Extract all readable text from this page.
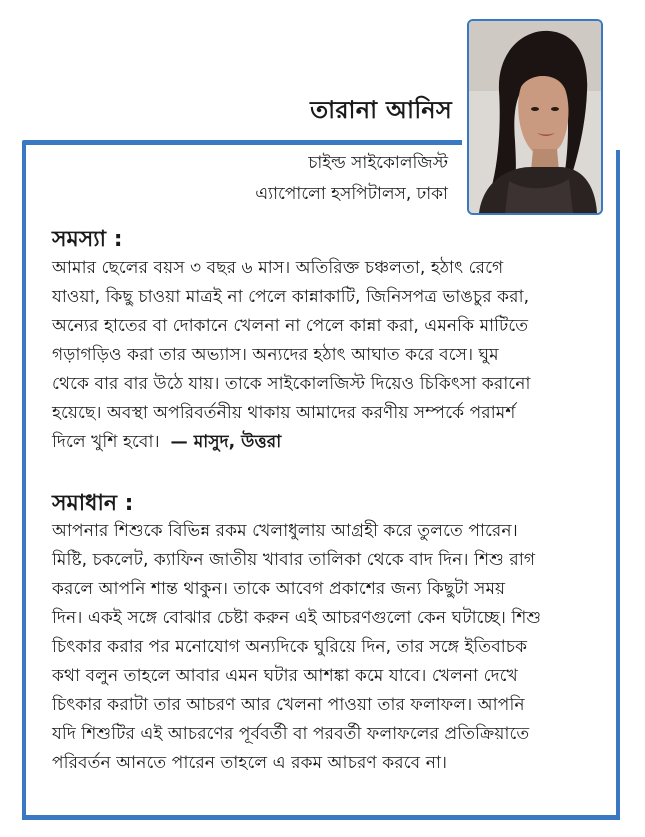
তারানা আনিস
চাইল্ড সাইকোলজিস্ট
এ্যাপোলো হসপিটালস, ঢাকা
সমস্যা :
আমার ছেলের বয়স ৩ বছর ৬ মাস। অতিরিক্ত চঞ্চলতা, হঠাৎ রেগে
যাওয়া, কিছু চাওয়া মাত্রই না পেলে কান্নাকাটি, জিনিসপত্র ভাঙচুর করা,
অন্যের হাতের বা দোকানে খেলনা না পেলে কান্না করা, এমনকি মাটিতে
গড়াগড়িও করা তার অভ্যাস। অন্যদের হঠাৎ আঘাত করে বসে। ঘুম
থেকে বার বার উঠে যায়। তাকে সাইকোলজিস্ট দিয়েও চিকিৎসা করানো
হয়েছে। অবস্থা অপরিবর্তনীয় থাকায় আমাদের করণীয় সম্পর্কে পরামর্শ
দিলে খুশি হবো। — মাসুদ, উত্তরা
সমাধান :
আপনার শিশুকে বিভিন্ন রকম খেলাধুলায় আগ্রহী করে তুলতে পারেন।
মিষ্টি, চকলেট, ক্যাফিন জাতীয় খাবার তালিকা থেকে বাদ দিন। শিশু রাগ
করলে আপনি শান্ত থাকুন। তাকে আবেগ প্রকাশের জন্য কিছুটা সময়
দিন। একই সঙ্গে বোঝার চেষ্টা করুন এই আচরণগুলো কেন ঘটাচ্ছে। শিশু
চিৎকার করার পর মনোযোগ অন্যদিকে ঘুরিয়ে দিন, তার সঙ্গে ইতিবাচক
কথা বলুন তাহলে আবার এমন ঘটার আশঙ্কা কমে যাবে। খেলনা দেখে
চিৎকার করাটা তার আচরণ আর খেলনা পাওয়া তার ফলাফল। আপনি
যদি শিশুটির এই আচরণের পূর্ববর্তী বা পরবর্তী ফলাফলের প্রতিক্রিয়াতে
পরিবর্তন আনতে পারেন তাহলে এ রকম আচরণ করবে না।
